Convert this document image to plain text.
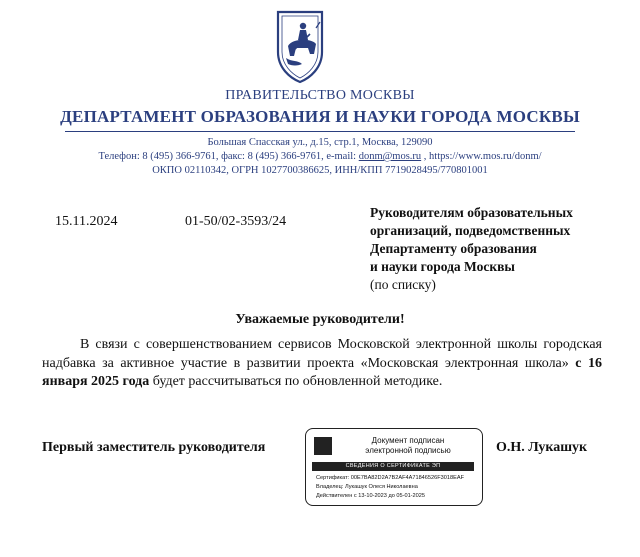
ПРАВИТЕЛЬСТВО МОСКВЫ
ДЕПАРТАМЕНТ ОБРАЗОВАНИЯ И НАУКИ ГОРОДА МОСКВЫ
Большая Спасская ул., д.15, стр.1, Москва, 129090
Телефон: 8 (495) 366-9761, факс: 8 (495) 366-9761, e-mail: donm@mos.ru , https://www.mos.ru/donm/
ОКПО 02110342, ОГРН 1027700386625, ИНН/КПП 7719028495/770801001
15.11.2024	01-50/02-3593/24
Руководителям образовательных
организаций, подведомственных
Департаменту образования
и науки города Москвы
(по списку)
Уважаемые руководители!

В связи с совершенствованием сервисов Московской электронной школы городская надбавка за активное участие в развитии проекта «Московская электронная школа» с 16 января 2025 года будет рассчитываться по обновленной методике.

Первый заместитель руководителя	О.Н. Лукашук
Документ подписан
электронной подписью
СВЕДЕНИЯ О СЕРТИФИКАТЕ ЭП
Сертификат: 00E7BA82D2A7B2AF4A71846526F3018EAF
Владелец: Лукашук Олеся Николаевна
Действителен с 13-10-2023 до 05-01-2025
